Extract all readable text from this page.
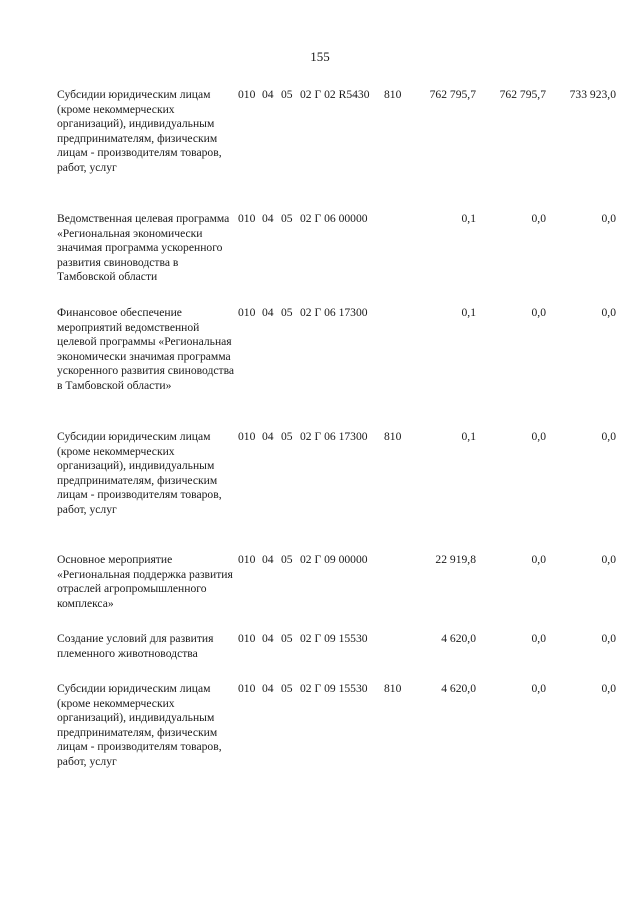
155
Субсидии юридическим лицам (кроме некоммерческих организаций), индивидуальным предпринимателям, физическим лицам - производителям товаров, работ, услуг
010 04 05 02 Г 02 R5430 810	762 795,7	762 795,7	733 923,0
Ведомственная целевая программа «Региональная экономически значимая программа ускоренного развития свиноводства в Тамбовской области
010 04 05 02 Г 06 00000	0,1	0,0	0,0
Финансовое обеспечение мероприятий ведомственной целевой программы «Региональная экономически значимая программа ускоренного развития свиноводства в Тамбовской области»
010 04 05 02 Г 06 17300	0,1	0,0	0,0
Субсидии юридическим лицам (кроме некоммерческих организаций), индивидуальным предпринимателям, физическим лицам - производителям товаров, работ, услуг
010 04 05 02 Г 06 17300 810	0,1	0,0	0,0
Основное мероприятие «Региональная поддержка развития отраслей агропромышленного комплекса»
010 04 05 02 Г 09 00000	22 919,8	0,0	0,0
Создание условий для развития племенного животноводства
010 04 05 02 Г 09 15530	4 620,0	0,0	0,0
Субсидии юридическим лицам (кроме некоммерческих организаций), индивидуальным предпринимателям, физическим лицам - производителям товаров, работ, услуг
010 04 05 02 Г 09 15530 810	4 620,0	0,0	0,0
